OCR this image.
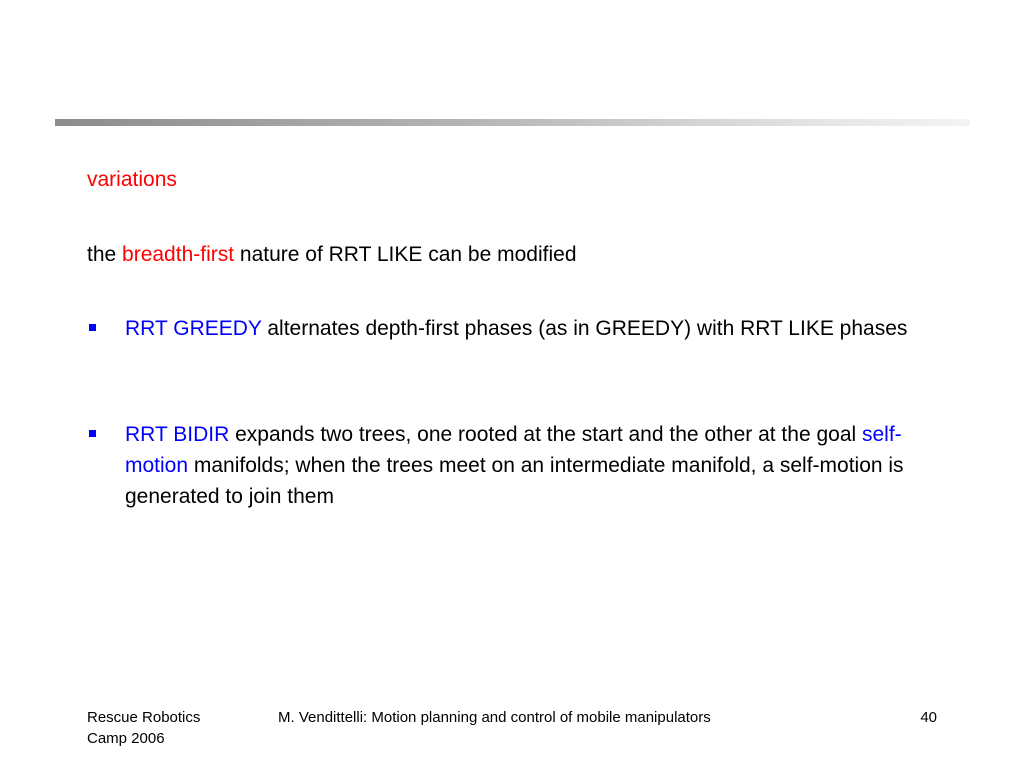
variations
the breadth-first nature of RRT LIKE can be modified
RRT GREEDY alternates depth-first phases (as in GREEDY) with RRT LIKE phases
RRT BIDIR expands two trees, one rooted at the start and the other at the goal self-motion manifolds; when the trees meet on an intermediate manifold, a self-motion is generated to join them
Rescue Robotics
Camp 2006
M. Vendittelli: Motion planning and control of mobile manipulators	40
